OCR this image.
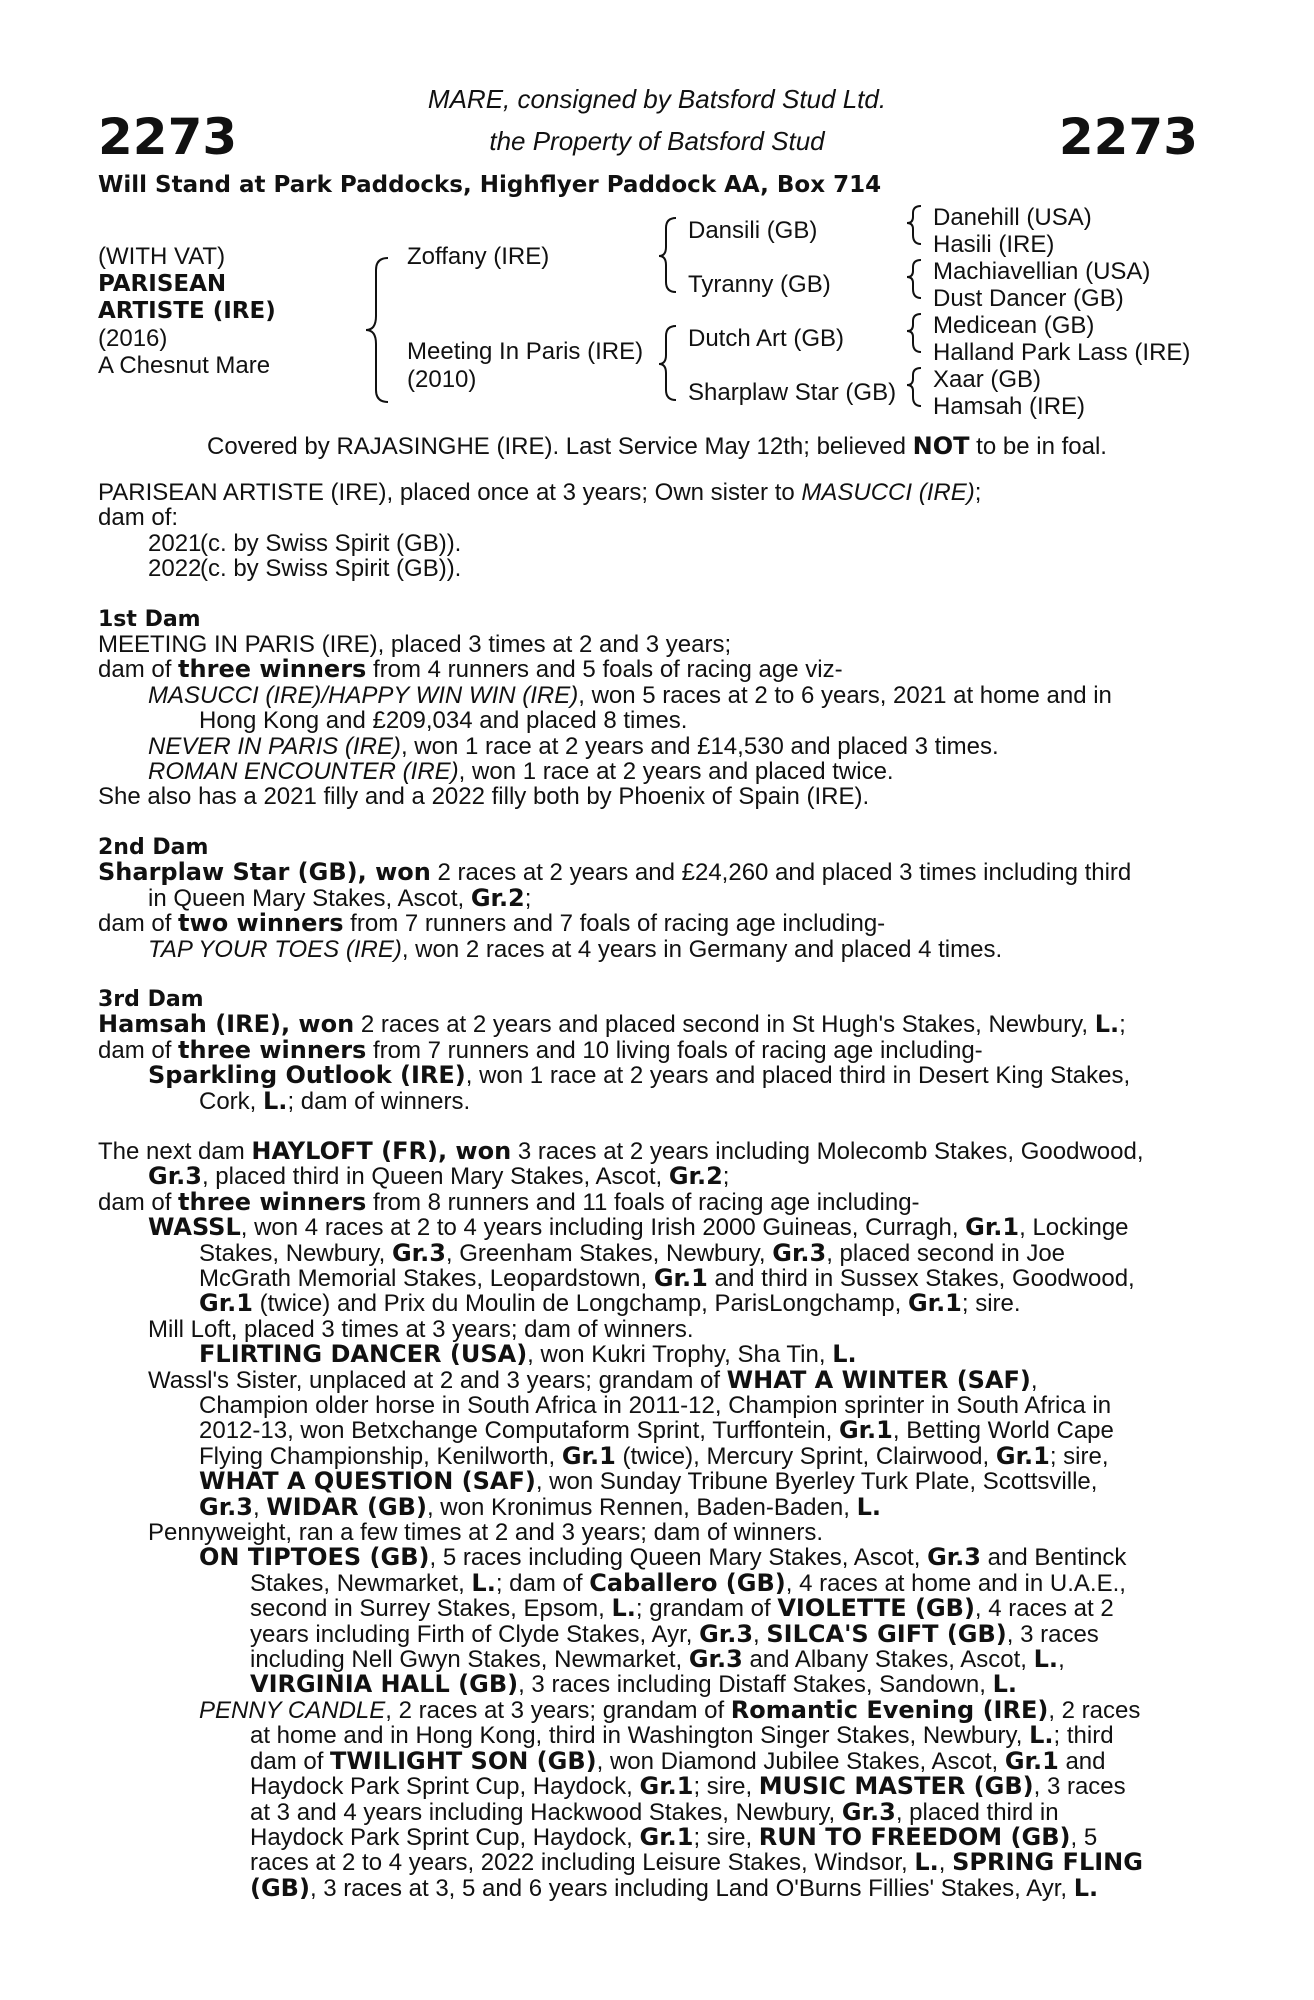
2273	2273
MARE, consigned by Batsford Stud Ltd.
the Property of Batsford Stud
Will Stand at Park Paddocks, Highflyer Paddock AA, Box 714
(WITH VAT)
PARISEAN
ARTISTE (IRE)
(2016)
A Chesnut Mare
Zoffany (IRE)
Meeting In Paris (IRE)
(2010)
Dansili (GB)
Tyranny (GB)
Dutch Art (GB)
Sharplaw Star (GB)
Danehill (USA)
Hasili (IRE)
Machiavellian (USA)
Dust Dancer (GB)
Medicean (GB)
Halland Park Lass (IRE)
Xaar (GB)
Hamsah (IRE)
Covered by RAJASINGHE (IRE). Last Service May 12th; believed NOT to be in foal.
PARISEAN ARTISTE (IRE), placed once at 3 years; Own sister to MASUCCI (IRE);
dam of:
2021(c. by Swiss Spirit (GB)).
2022(c. by Swiss Spirit (GB)).
1st Dam
MEETING IN PARIS (IRE), placed 3 times at 2 and 3 years;
dam of three winners from 4 runners and 5 foals of racing age viz-
MASUCCI (IRE)/HAPPY WIN WIN (IRE), won 5 races at 2 to 6 years, 2021 at home and in
Hong Kong and £209,034 and placed 8 times.
NEVER IN PARIS (IRE), won 1 race at 2 years and £14,530 and placed 3 times.
ROMAN ENCOUNTER (IRE), won 1 race at 2 years and placed twice.
She also has a 2021 filly and a 2022 filly both by Phoenix of Spain (IRE).
2nd Dam
Sharplaw Star (GB), won 2 races at 2 years and £24,260 and placed 3 times including third
in Queen Mary Stakes, Ascot, Gr.2;
dam of two winners from 7 runners and 7 foals of racing age including-
TAP YOUR TOES (IRE), won 2 races at 4 years in Germany and placed 4 times.
3rd Dam
Hamsah (IRE), won 2 races at 2 years and placed second in St Hugh's Stakes, Newbury, L.;
dam of three winners from 7 runners and 10 living foals of racing age including-
Sparkling Outlook (IRE), won 1 race at 2 years and placed third in Desert King Stakes,
Cork, L.; dam of winners.
The next dam HAYLOFT (FR), won 3 races at 2 years including Molecomb Stakes, Goodwood,
Gr.3, placed third in Queen Mary Stakes, Ascot, Gr.2;
dam of three winners from 8 runners and 11 foals of racing age including-
WASSL, won 4 races at 2 to 4 years including Irish 2000 Guineas, Curragh, Gr.1, Lockinge
Stakes, Newbury, Gr.3, Greenham Stakes, Newbury, Gr.3, placed second in Joe
McGrath Memorial Stakes, Leopardstown, Gr.1 and third in Sussex Stakes, Goodwood,
Gr.1 (twice) and Prix du Moulin de Longchamp, ParisLongchamp, Gr.1; sire.
Mill Loft, placed 3 times at 3 years; dam of winners.
FLIRTING DANCER (USA), won Kukri Trophy, Sha Tin, L.
Wassl's Sister, unplaced at 2 and 3 years; grandam of WHAT A WINTER (SAF),
Champion older horse in South Africa in 2011-12, Champion sprinter in South Africa in
2012-13, won Betxchange Computaform Sprint, Turffontein, Gr.1, Betting World Cape
Flying Championship, Kenilworth, Gr.1 (twice), Mercury Sprint, Clairwood, Gr.1; sire,
WHAT A QUESTION (SAF), won Sunday Tribune Byerley Turk Plate, Scottsville,
Gr.3, WIDAR (GB), won Kronimus Rennen, Baden-Baden, L.
Pennyweight, ran a few times at 2 and 3 years; dam of winners.
ON TIPTOES (GB), 5 races including Queen Mary Stakes, Ascot, Gr.3 and Bentinck
Stakes, Newmarket, L.; dam of Caballero (GB), 4 races at home and in U.A.E.,
second in Surrey Stakes, Epsom, L.; grandam of VIOLETTE (GB), 4 races at 2
years including Firth of Clyde Stakes, Ayr, Gr.3, SILCA'S GIFT (GB), 3 races
including Nell Gwyn Stakes, Newmarket, Gr.3 and Albany Stakes, Ascot, L.,
VIRGINIA HALL (GB), 3 races including Distaff Stakes, Sandown, L.
PENNY CANDLE, 2 races at 3 years; grandam of Romantic Evening (IRE), 2 races
at home and in Hong Kong, third in Washington Singer Stakes, Newbury, L.; third
dam of TWILIGHT SON (GB), won Diamond Jubilee Stakes, Ascot, Gr.1 and
Haydock Park Sprint Cup, Haydock, Gr.1; sire, MUSIC MASTER (GB), 3 races
at 3 and 4 years including Hackwood Stakes, Newbury, Gr.3, placed third in
Haydock Park Sprint Cup, Haydock, Gr.1; sire, RUN TO FREEDOM (GB), 5
races at 2 to 4 years, 2022 including Leisure Stakes, Windsor, L., SPRING FLING
(GB), 3 races at 3, 5 and 6 years including Land O'Burns Fillies' Stakes, Ayr, L.
